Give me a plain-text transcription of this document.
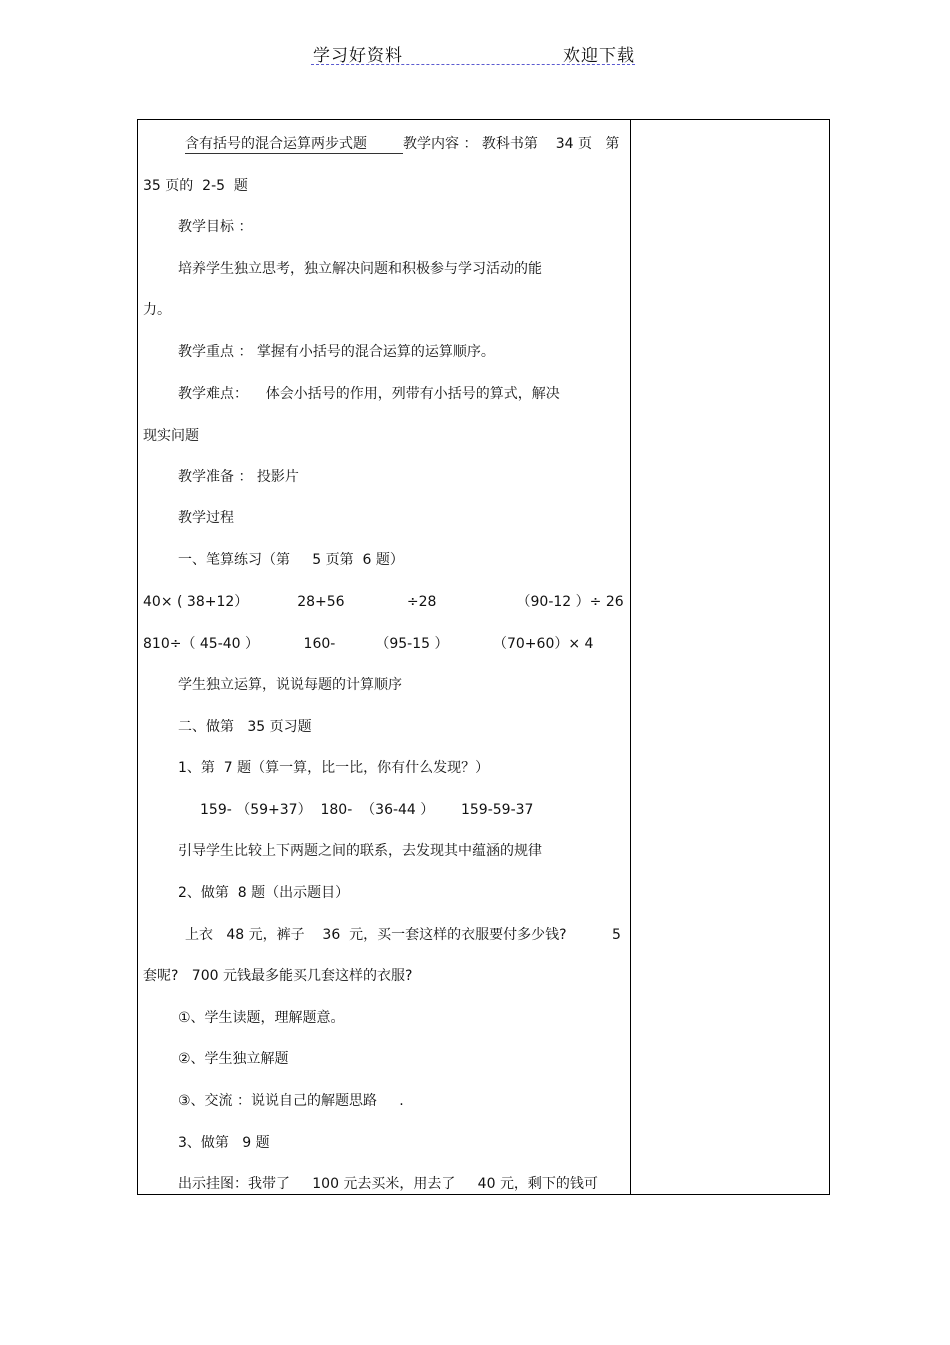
学习好资料	欢迎下载
含有括号的混合运算两步式题	教学内容 ： 教科书第    34 页   第
35 页的  2-5  题
教学目标 ：
培养学生独立思考，独立解决问题和积极参与学习活动的能
力。
教学重点 ： 掌握有小括号的混合运算的运算顺序。
教学难点：    体会小括号的作用，列带有小括号的算式，解决
现实问题
教学准备 ： 投影片
教学过程
一、笔算练习（第     5 页第  6 题）
40× ( 38+12）           28+56              ÷28                  （90-12 ）÷ 26
810÷（ 45-40 ）          160-         （95-15 ）          （70+60）× 4
学生独立运算，说说每题的计算顺序
二、做第   35 页习题
1、第  7 题（算一算，比一比，你有什么发现？）
159- （59+37）  180-  （36-44 ）      159-59-37
引导学生比较上下两题之间的联系，去发现其中蕴涵的规律
2、做第  8 题（出示题目）
上衣   48 元，裤子    36  元，买一套这样的衣服要付多少钱?	5
套呢?   700 元钱最多能买几套这样的衣服?
①、学生读题，理解题意。
②、学生独立解题
③、交流 ：说说自己的解题思路     .
3、做第   9 题
出示挂图：我带了     100 元去买米，用去了     40 元，剩下的钱可
